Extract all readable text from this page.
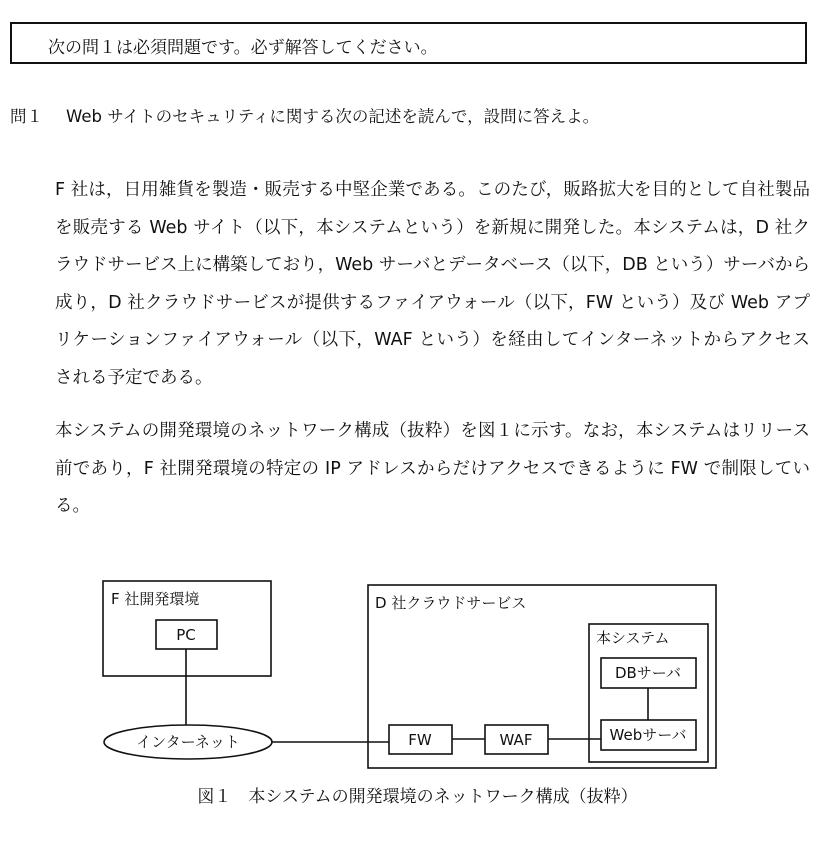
次の問１は必須問題です。必ず解答してください。
問１ Web サイトのセキュリティに関する次の記述を読んで，設問に答えよ。

F 社は，日用雑貨を製造・販売する中堅企業である。このたび，販路拡大を目的として自社製品を販売する Web サイト（以下，本システムという）を新規に開発した。本システムは，D 社クラウドサービス上に構築しており，Web サーバとデータベース（以下，DB という）サーバから成り，D 社クラウドサービスが提供するファイアウォール（以下，FW という）及び Web アプリケーションファイアウォール（以下，WAF という）を経由してインターネットからアクセスされる予定である。

本システムの開発環境のネットワーク構成（抜粋）を図１に示す。なお，本システムはリリース前であり，F 社開発環境の特定の IP アドレスからだけアクセスできるように FW で制限している。

F 社開発環境
PC
D 社クラウドサービス
本システム
DBサーバ
Webサーバ
FW	WAF
インターネット
図１　本システムの開発環境のネットワーク構成（抜粋）
